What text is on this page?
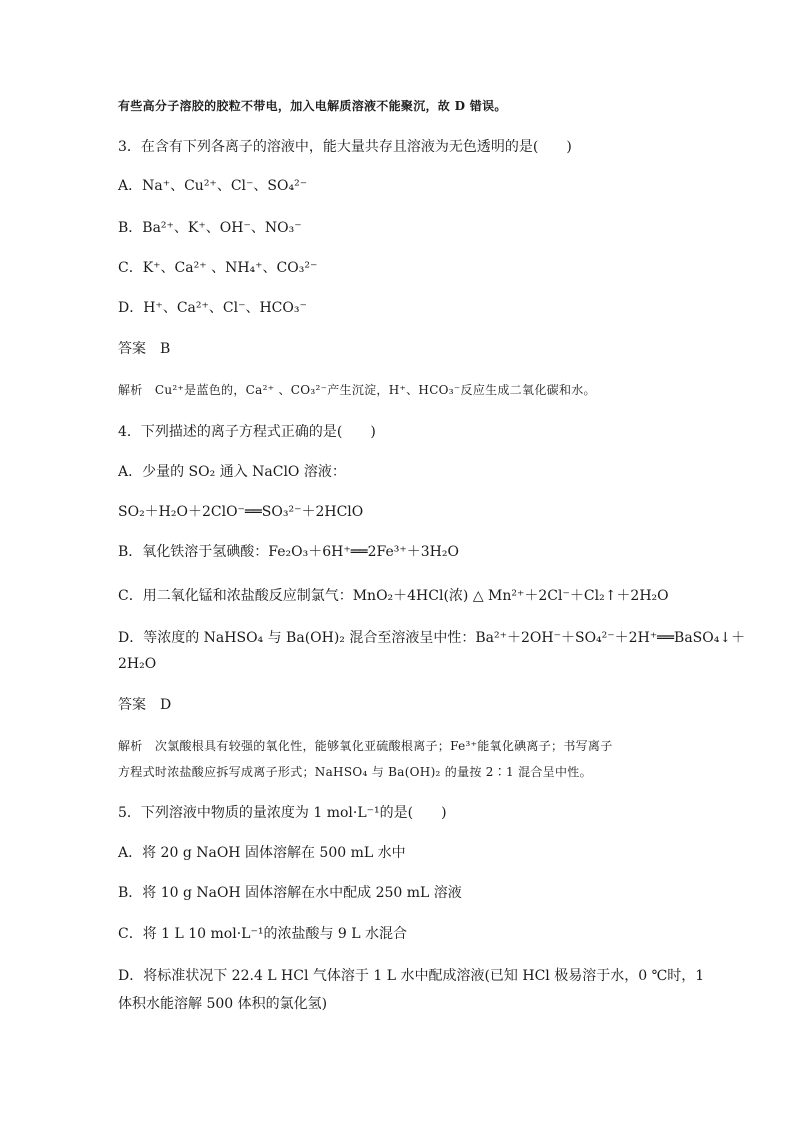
有些高分子溶胶的胶粒不带电，加入电解质溶液不能聚沉，故 D 错误。
3．在含有下列各离子的溶液中，能大量共存且溶液为无色透明的是(　　)
A．Na⁺、Cu²⁺、Cl⁻、SO₄²⁻
B．Ba²⁺、K⁺、OH⁻、NO₃⁻
C．K⁺、Ca²⁺ 、NH₄⁺、CO₃²⁻
D．H⁺、Ca²⁺、Cl⁻、HCO₃⁻
答案　B
解析　Cu²⁺是蓝色的，Ca²⁺ 、CO₃²⁻产生沉淀，H⁺、HCO₃⁻反应生成二氧化碳和水。
4．下列描述的离子方程式正确的是(　　)
A．少量的 SO₂ 通入 NaClO 溶液：
SO₂＋H₂O＋2ClO⁻══SO₃²⁻＋2HClO
B．氧化铁溶于氢碘酸：Fe₂O₃＋6H⁺══2Fe³⁺＋3H₂O
C．用二氧化锰和浓盐酸反应制氯气：MnO₂＋4HCl(浓) △ Mn²⁺＋2Cl⁻＋Cl₂↑＋2H₂O
D．等浓度的 NaHSO₄ 与 Ba(OH)₂ 混合至溶液呈中性：Ba²⁺＋2OH⁻＋SO₄²⁻＋2H⁺══BaSO₄↓＋
2H₂O
答案　D
解析　次氯酸根具有较强的氧化性，能够氧化亚硫酸根离子；Fe³⁺能氧化碘离子；书写离子
方程式时浓盐酸应拆写成离子形式；NaHSO₄ 与 Ba(OH)₂ 的量按 2∶1 混合呈中性。
5．下列溶液中物质的量浓度为 1 mol·L⁻¹的是(　　)
A．将 20 g NaOH 固体溶解在 500 mL 水中
B．将 10 g NaOH 固体溶解在水中配成 250 mL 溶液
C．将 1 L 10 mol·L⁻¹的浓盐酸与 9 L 水混合
D．将标准状况下 22.4 L HCl 气体溶于 1 L 水中配成溶液(已知 HCl 极易溶于水，0 ℃时，1
体积水能溶解 500 体积的氯化氢)
